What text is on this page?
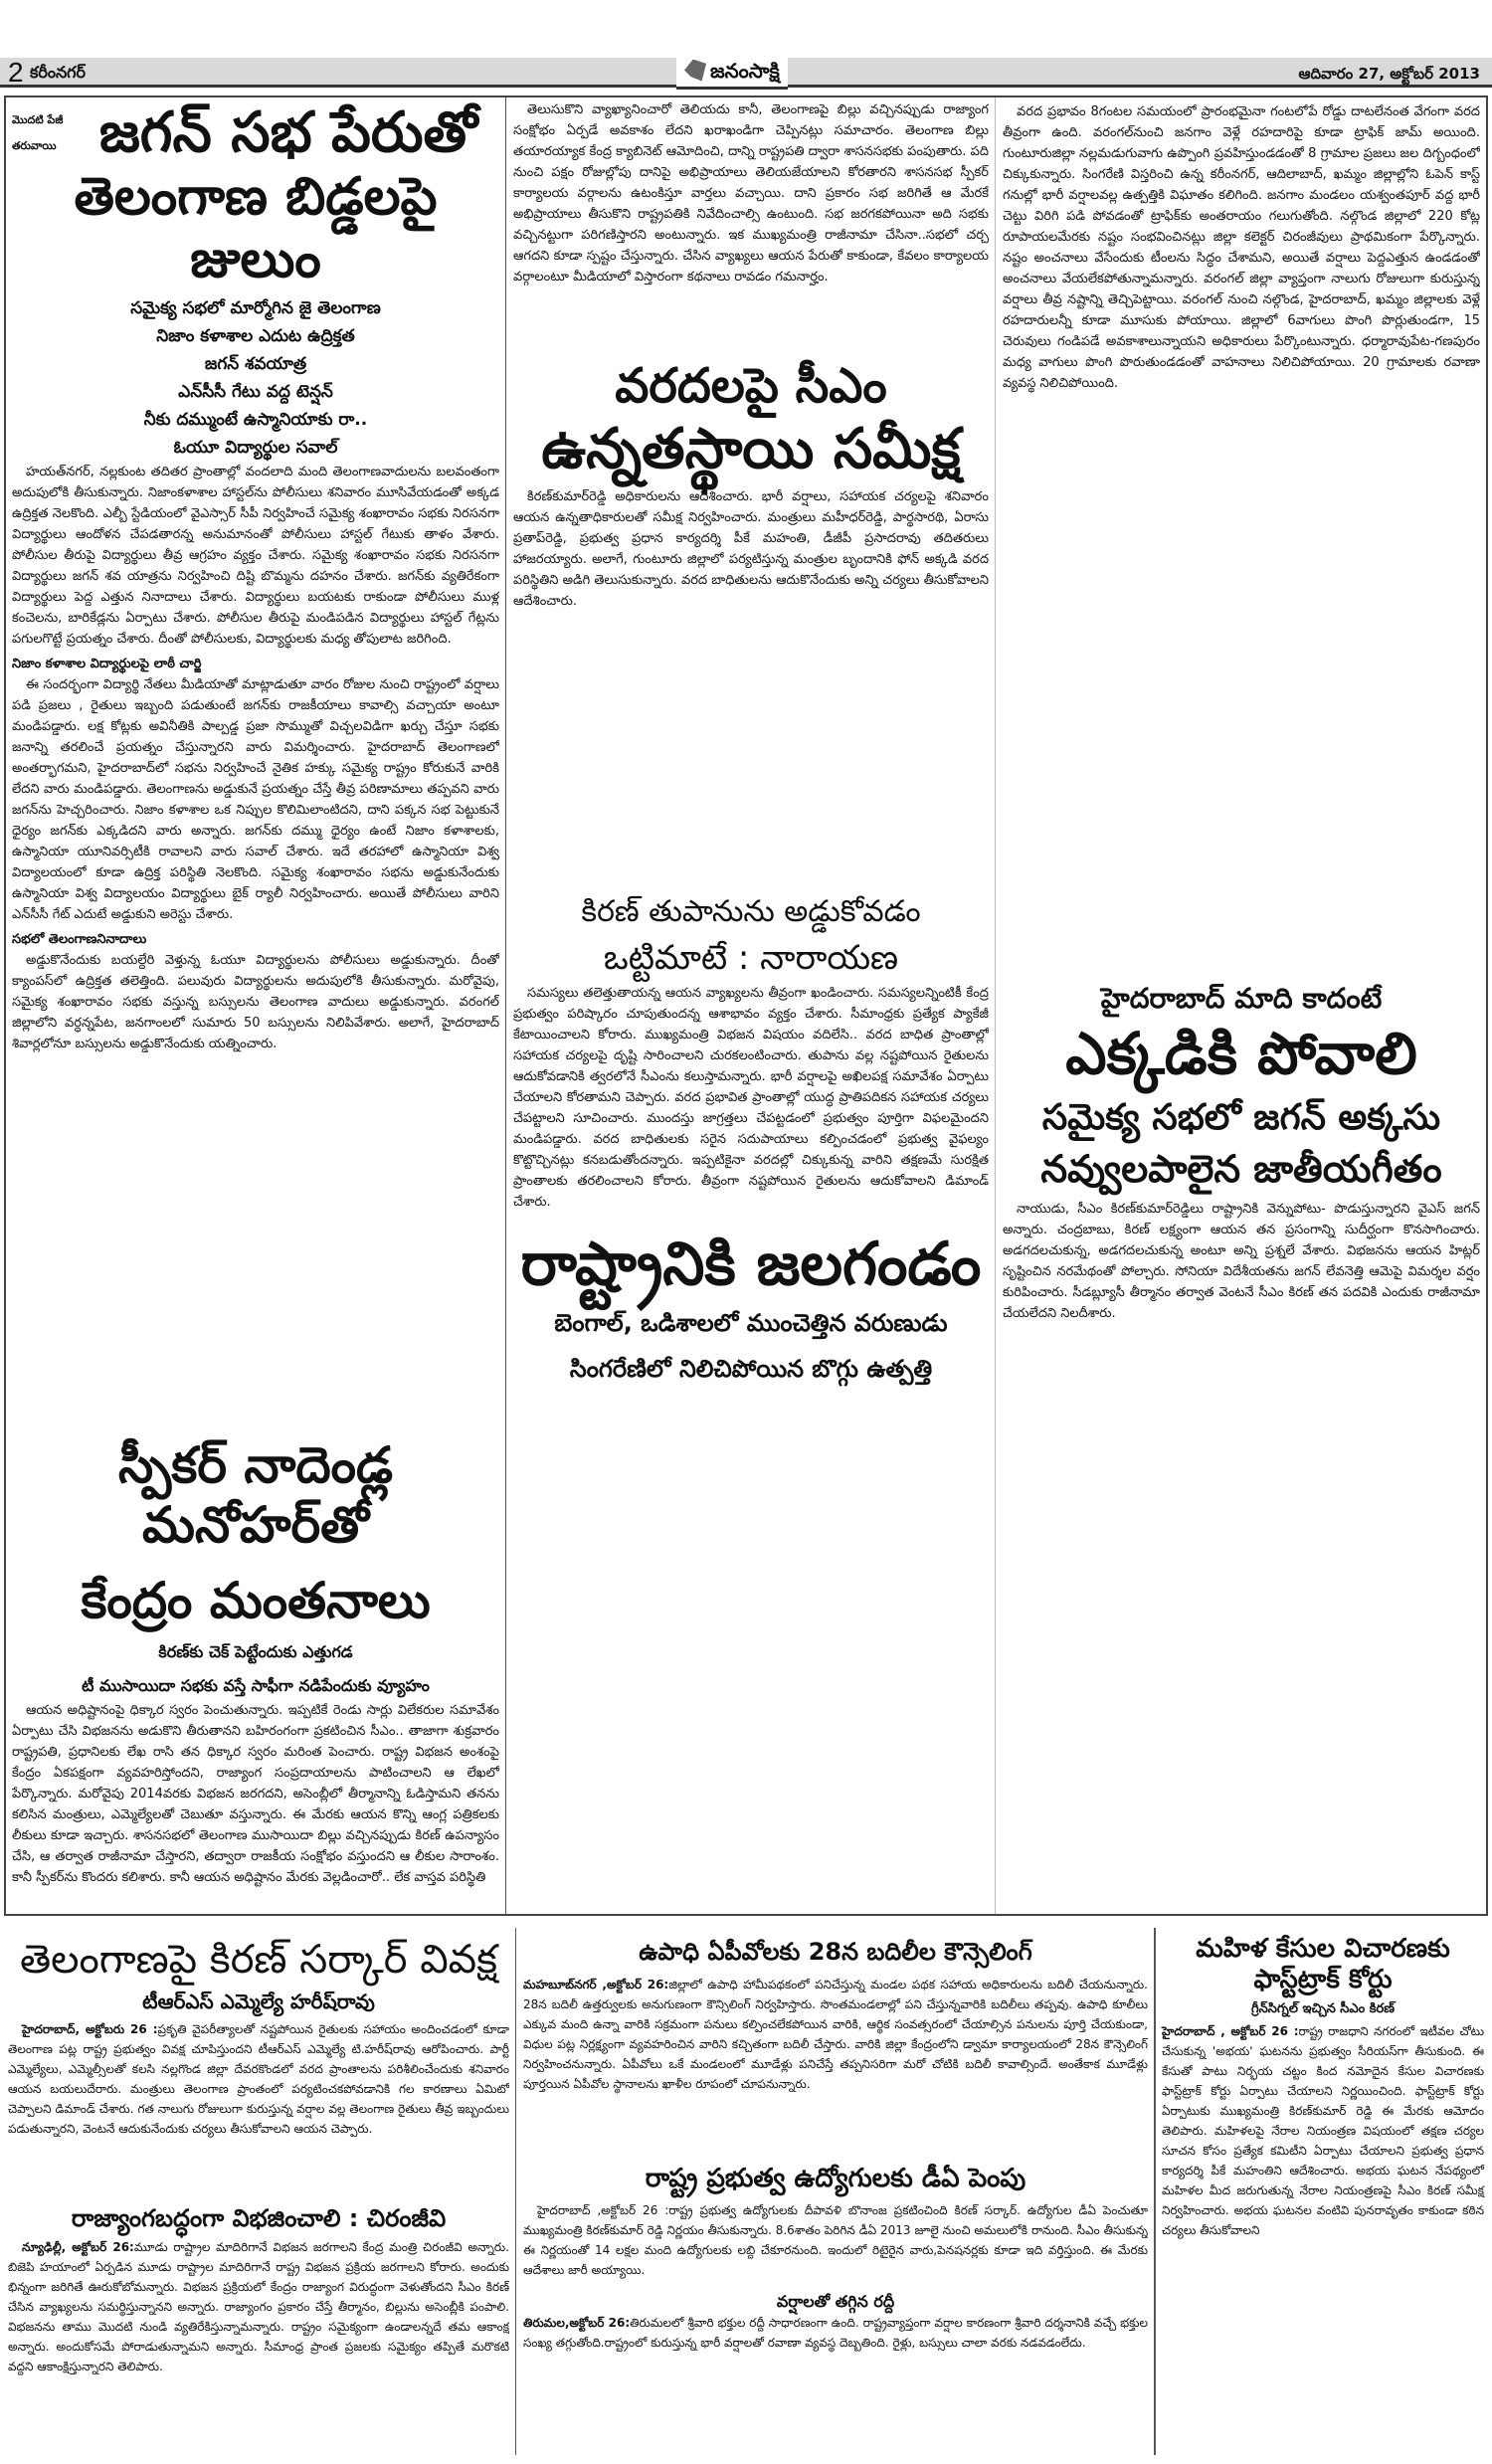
2 కరీంనగర్	జనంసాక్షి	ఆదివారం 27, అక్టోబర్ 2013
మొదటి పేజీ
తరువాయి జగన్ సభ పేరుతో
తెలంగాణ బిడ్డలపై జులుం
సమైక్య సభలో మార్మోగిన జై తెలంగాణ
నిజాం కళాశాల ఎదుట ఉద్రిక్తత
జగన్ శవయాత్ర
ఎన్‌సీసీ గేటు వద్ద టెన్షన్
నీకు దమ్ముంటే ఉస్మానియాకు రా..
ఓయూ విద్యార్థుల సవాల్

హయత్‌నగర్, నల్లకుంట తదితర ప్రాంతాల్లో వందలాది మంది తెలంగాణవాదులను బలవంతంగా అదుపులోకి తీసుకున్నారు. నిజాంకళాశాల హాస్టల్‌ను పోలీసులు శనివారం మూసివేయడంతో అక్కడ ఉద్రిక్తత నెలకొంది. ఎల్బీ స్టేడియంలో వైఎస్సార్ సీపీ నిర్వహించే సమైక్య శంఖారావం సభకు నిరసనగా విద్యార్థులు ఆందోళన చేపడతారన్న అనుమానంతో పోలీసులు హాస్టల్ గేటుకు తాళం వేశారు. పోలీసుల తీరుపై విద్యార్థులు తీవ్ర ఆగ్రహం వ్యక్తం చేశారు. సమైక్య శంఖారావం సభకు నిరసనగా విద్యార్థులు జగన్ శవ యాత్రను నిర్వహించి దిష్టి బొమ్మను దహనం చేశారు. జగన్‌కు వ్యతిరేకంగా విద్యార్థులు పెద్ద ఎత్తున నినాదాలు చేశారు. విద్యార్థులు బయటకు రాకుండా పోలీసులు ముళ్ల కంచెలను, బారికేడ్లను ఏర్పాటు చేశారు. పోలీసుల తీరుపై మండిపడిన విద్యార్థులు హాస్టల్ గేట్లను పగులగొట్టే ప్రయత్నం చేశారు. దీంతో పోలీసులకు, విద్యార్థులకు మధ్య తోపులాట జరిగింది.

నిజాం కళాశాల విద్యార్థులపై లాఠీ చార్జి

ఈ సందర్భంగా విద్యార్థి నేతలు మీడియాతో మాట్లాడుతూ వారం రోజుల నుంచి రాష్ట్రంలో వర్షాలు పడి ప్రజలు , రైతులు ఇబ్బంది పడుతుంటే జగన్‌కు రాజకీయాలు కావాల్సి వచ్చాయా అంటూ మండిపడ్డారు. లక్ష కోట్లకు అవినీతికి పాల్పడ్డ ప్రజా సొమ్ముతో విచ్చలవిడిగా ఖర్చు చేస్తూ సభకు జనాన్ని తరలించే ప్రయత్నం చేస్తున్నారని వారు విమర్శించారు. హైదరాబాద్ తెలంగాణలో అంతర్భాగమని, హైదరాబాద్‌లో సభను నిర్వహించే నైతిక హక్కు సమైక్య రాష్ట్రం కోరుకునే వారికి లేదని వారు మండిపడ్డారు. తెలంగాణను అడ్డుకునే ప్రయత్నం చేస్తే తీవ్ర పరిణామాలు తప్పవని వారు జగన్‌ను హెచ్చరించారు. నిజాం కళాశాల ఒక నిప్పుల కొలిమిలాంటిదని, దాని పక్కన సభ పెట్టుకునే ధైర్యం జగన్‌కు ఎక్కడిదని వారు అన్నారు. జగన్‌కు దమ్ము ధైర్యం ఉంటే నిజాం కళాశాలకు, ఉస్మానియా యూనివర్సిటీకి రావాలని వారు సవాల్ చేశారు. ఇదే తరహాలో ఉస్మానియా విశ్వ విద్యాలయంలో కూడా ఉద్రిక్త పరిస్థితి నెలకొంది. సమైక్య శంఖారావం సభను అడ్డుకునేందుకు ఉస్మానియా విశ్వ విద్యాలయం విద్యార్థులు బైక్ ర్యాలీ నిర్వహించారు. అయితే పోలీసులు వారిని ఎన్‌సీసీ గేట్ ఎదుటే అడ్డుకుని అరెస్టు చేశారు.

సభలో తెలంగాణనినాదాలు

అడ్డుకొనేందుకు బయల్దేరి వెళ్తున్న ఓయూ విద్యార్థులను పోలీసులు అడ్డుకున్నారు. దీంతో క్యాంపస్‌లో ఉద్రిక్తత తలెత్తింది. పలువురు విద్యార్థులను అదుపులోకి తీసుకున్నారు. మరోవైపు, సమైక్య శంఖారావం సభకు వస్తున్న బస్సులను తెలంగాణ వాదులు అడ్డుకున్నారు. వరంగల్ జిల్లాలోని వర్ధన్నపేట, జనగాంలలో సుమారు 50 బస్సులను నిలిపివేశారు. అలాగే, హైదరాబాద్ శివార్లలోనూ బస్సులను అడ్డుకొనేందుకు యత్నించారు.

స్పీకర్ నాదెండ్ల మనోహర్‌తో
కేంద్రం మంతనాలు
కిరణ్‌కు చెక్ పెట్టేందుకు ఎత్తుగడ
టీ ముసాయిదా సభకు వస్తే సాఫీగా నడిపేందుకు వ్యూహం

ఆయన అధిష్టానంపై ధిక్కార స్వరం పెంచుతున్నారు. ఇప్పటికే రెండు సార్లు విలేకరుల సమావేశం ఏర్పాటు చేసి విభజనను అడుకొని తీరుతానని బహిరంగంగా ప్రకటించిన సీఎం.. తాజాగా శుక్రవారం రాష్ట్రపతి, ప్రధానిలకు లేఖ రాసి తన ధిక్కార స్వరం మరింత పెంచారు. రాష్ట్ర విభజన అంశంపై కేంద్రం ఏకపక్షంగా వ్యవహరిస్తోందని, రాజ్యాంగ సంప్రదాయాలను పాటించాలని ఆ లేఖలో పేర్కొన్నారు. మరోవైపు 2014వరకు విభజన జరగదని, అసెంబ్లీలో తీర్మానాన్ని ఓడిస్తామని తనను కలిసిన మంత్రులు, ఎమ్మెల్యేలతో చెబుతూ వస్తున్నారు. ఈ మేరకు ఆయన కొన్ని ఆంగ్ల పత్రికలకు లీకులు కూడా ఇచ్చారు. శాసనసభలో తెలంగాణ ముసాయిదా బిల్లు వచ్చినప్పుడు కిరణ్ ఉపన్యాసం చేసి, ఆ తర్వాత రాజీనామా చేస్తారని, తద్వారా రాజకీయ సంక్షోభం వస్తుందని ఆ లీకుల సారాంశం. కానీ స్పీకర్‌ను కొందరు కలిశారు. కానీ ఆయన అధిష్టానం మేరకు వెల్లడించారో.. లేక వాస్తవ పరిస్థితి

తెలుసుకొని వ్యాఖ్యానించారో తెలియదు కానీ, తెలంగాణపై బిల్లు వచ్చినప్పుడు రాజ్యాంగ సంక్షోభం ఏర్పడే అవకాశం లేదని ఖరాఖండిగా చెప్పినట్లు సమాచారం. తెలంగాణ బిల్లు తయారయ్యాక కేంద్ర క్యాబినెట్ ఆమోదించి, దాన్ని రాష్ట్రపతి ద్వారా శాసనసభకు పంపుతారు. పది నుంచి పక్షం రోజుల్లోపు దానిపై అభిప్రాయాలు తెలియజేయాలని కోరతారని శాసనసభ స్పీకర్ కార్యాలయ వర్గాలను ఉటంకిస్తూ వార్తలు వచ్చాయి. దాని ప్రకారం సభ జరిగితే ఆ మేరకే అభిప్రాయాలు తీసుకొని రాష్ట్రపతికి నివేదించాల్సి ఉంటుంది. సభ జరగకపోయినా అది సభకు వచ్చినట్టుగా పరిగణిస్తారని అంటున్నారు. ఇక ముఖ్యమంత్రి రాజీనామా చేసినా..సభలో చర్చ ఆగదని కూడా స్పష్టం చేస్తున్నారు. చేసిన వ్యాఖ్యలు ఆయన పేరుతో కాకుండా, కేవలం కార్యాలయ వర్గాలంటూ మీడియాలో విస్తారంగా కథనాలు రావడం గమనార్హం.

వరదలపై సీఎం
ఉన్నతస్థాయి సమీక్ష

కిరణ్‌కుమార్‌రెడ్డి అధికారులను ఆదేశించారు. భారీ వర్షాలు, సహాయక చర్యలపై శనివారం ఆయన ఉన్నతాధికారులతో సమీక్ష నిర్వహించారు. మంత్రులు మహీధర్‌రెడ్డి, పార్థసారథి, ఏరాసు ప్రతాప్‌రెడ్డి, ప్రభుత్వ ప్రధాన కార్యదర్శి పీకే మహంతి, డీజీపీ ప్రసాదరావు తదితరులు హాజరయ్యారు. అలాగే, గుంటూరు జిల్లాలో పర్యటిస్తున్న మంత్రుల బృందానికి ఫోన్ అక్కడి వరద పరిస్థితిని అడిగి తెలుసుకున్నారు. వరద బాధితులను ఆదుకొనేందుకు అన్ని చర్యలు తీసుకోవాలని ఆదేశించారు.

కిరణ్ తుపానును అడ్డుకోవడం
ఒట్టిమాటే : నారాయణ

సమస్యలు తలెత్తుతాయన్న ఆయన వ్యాఖ్యలను తీవ్రంగా ఖండించారు. సమస్యలన్నింటికీ కేంద్ర ప్రభుత్వం పరిష్కారం చూపుతుందన్న ఆశాభావం వ్యక్తం చేశారు. సీమాంధ్రకు ప్రత్యేక ప్యాకేజీ కేటాయించాలని కోరారు. ముఖ్యమంత్రి విభజన విషయం వదిలేసి.. వరద బాధిత ప్రాంతాల్లో సహాయక చర్యలపై దృష్టి సారించాలని చురకలంటించారు. తుపాను వల్ల నష్టపోయిన రైతులను ఆదుకోవడానికి త్వరలోనే సీఎంను కలుస్తామన్నారు. భారీ వర్షాలపై అఖిలపక్ష సమావేశం ఏర్పాటు చేయాలని కోరతామని చెప్పారు. వరద ప్రభావిత ప్రాంతాల్లో యుద్ధ ప్రాతిపదికన సహాయక చర్యలు చేపట్టాలని సూచించారు. ముందస్తు జాగ్రత్తలు చేపట్టడంలో ప్రభుత్వం పూర్తిగా విఫలమైందని మండిపడ్డారు. వరద బాధితులకు సరైన సదుపాయాలు కల్పించడంలో ప్రభుత్వ వైఫల్యం కొట్టొచ్చినట్లు కనబడుతోందన్నారు. ఇప్పటికైనా వరదల్లో చిక్కుకున్న వారిని తక్షణమే సురక్షిత ప్రాంతాలకు తరలించాలని కోరారు. తీవ్రంగా నష్టపోయిన రైతులను ఆదుకోవాలని డిమాండ్ చేశారు.

రాష్ట్రానికి జలగండం
బెంగాల్, ఒడిశాలలో ముంచెత్తిన వరుణుడు
సింగరేణిలో నిలిచిపోయిన బొగ్గు ఉత్పత్తి

వరద ప్రభావం 8గంటల సమయంలో ప్రారంభమైనా గంటలోపే రోడ్డు దాటలేనంత వేగంగా వరద తీవ్రంగా ఉంది. వరంగల్‌నుంచి జనగాం వెళ్లే రహదారిపై కూడా ట్రాఫిక్ జామ్ అయింది. గుంటూరుజిల్లా నల్లమడుగువాగు ఉప్పొంగి ప్రవహిస్తుండడంతో 8 గ్రామాల ప్రజలు జల దిగ్బంధంలో చిక్కుకున్నారు. సింగరేణి విస్తరించి ఉన్న కరీంనగర్, ఆదిలాబాద్, ఖమ్మం జిల్లాల్లోని ఓపెన్ కాస్ట్ గనుల్లో భారీ వర్షాలవల్ల ఉత్పత్తికి విఘాతం కలిగింది. జనగాం మండలం యశ్వంతపూర్ వద్ద భారీ చెట్టు విరిగి పడి పోవడంతో ట్రాఫిక్‌కు అంతరాయం గలుగుతోంది. నల్గొండ జిల్లాలో 220 కోట్ల రూపాయలమేరకు నష్టం సంభవించినట్లు జిల్లా కలెక్టర్ చిరంజీవులు ప్రాథమికంగా పేర్కొన్నారు. నష్టం అంచనాలు వేసేందుకు టీంలను సిద్ధం చేశామని, అయితే వర్షాలు పెద్దఎత్తున ఉండడంతో అంచనాలు వేయలేకపోతున్నామన్నారు. వరంగల్ జిల్లా వ్యాప్తంగా నాలుగు రోజులుగా కురుస్తున్న వర్షాలు తీవ్ర నష్టాన్ని తెచ్చిపెట్టాయి. వరంగల్ నుంచి నల్గొండ, హైదరాబాద్, ఖమ్మం జిల్లాలకు వెళ్లే రహదారులన్నీ కూడా మూసుకు పోయాయి. జిల్లాలో 6వాగులు పొంగి పొర్లుతుండగా, 15 చెరువులు గండిపడే అవకాశాలున్నాయని అధికారులు పేర్కొంటున్నారు. ధర్మారావుపేట-గణపురం మధ్య వాగులు పొంగి పొరుతుండడంతో వాహనాలు నిలిచిపోయాయి. 20 గ్రామాలకు రవాణా వ్యవస్థ నిలిచిపోయింది.

హైదరాబాద్ మాది కాదంటే
ఎక్కడికి పోవాలి
సమైక్య సభలో జగన్ అక్కసు
నవ్వులపాలైన జాతీయగీతం

నాయుడు, సీఎం కిరణ్‌కుమార్‌రెడ్డిలు రాష్ట్రానికి వెన్నుపోటు- పొడుస్తున్నారని వైఎస్ జగన్ అన్నారు. చంద్రబాబు, కిరణ్ లక్ష్యంగా ఆయన తన ప్రసంగాన్ని సుదీర్ఘంగా కొనసాగించారు. అడగదలచుకున్న, అడగదలచుకున్న అంటూ అన్ని ప్రశ్నలే వేశారు. విభజనను ఆయన హిట్లర్ సృష్టించిన నరమేథంతో పోల్చారు. సోనియా విదేశీయతను జగన్ లేవనెత్తి ఆమెపై విమర్శల వర్షం కురిపించారు. సీడబ్ల్యూసీ తీర్మానం తర్వాత వెంటనే సీఎం కిరణ్ తన పదవికి ఎందుకు రాజీనామా చేయలేదని నిలదీశారు.

తెలంగాణపై కిరణ్ సర్కార్ వివక్ష
టీఆర్‌ఎస్ ఎమ్మెల్యే హరీష్‌రావు

హైదరాబాద్, అక్టోబరు 26 :ప్రకృతి వైపరీత్యాలతో నష్టపోయిన రైతులకు సహాయం అందించడంలో కూడా తెలంగాణ పట్ల రాష్ట్ర ప్రభుత్వం వివక్ష చూపిస్తుందని టీఆర్‌ఎస్ ఎమ్మెల్యే టి.హరీష్‌రావు ఆరోపించారు. పార్టీ ఎమ్మెల్యేలు, ఎమ్మెల్సీలతో కలసి నల్లగొండ జిల్లా దేవరకొండలో వరద ప్రాంతాలను పరిశీలించేందుకు శనివారం ఆయన బయలుదేరారు. మంత్రులు తెలంగాణ ప్రాంతంలో పర్యటించకపోవడానికి గల కారణాలు ఏమిటో చెప్పాలని డిమాండ్ చేశారు. గత నాలుగు రోజులుగా కురుస్తున్న వర్షాల వల్ల తెలంగాణ రైతులు తీవ్ర ఇబ్బందులు పడుతున్నారని, వెంటనే ఆదుకునేందుకు చర్యలు తీసుకోవాలని ఆయన చెప్పారు.

రాజ్యాంగబద్ధంగా విభజించాలి : చిరంజీవి

న్యూఢిల్లీ, అక్టోబర్ 26:మూడు రాష్ట్రాల మాదిరిగానే విభజన జరగాలని కేంద్ర మంత్రి చిరంజీవి అన్నారు. బిజెపి హయాంలో ఏర్పడిన మూడు రాష్ట్రాల మాదిరిగానే రాష్ట్ర విభజన ప్రక్రియ జరగాలని కోరారు. అందుకు భిన్నంగా జరిగితే ఊరుకోబోమన్నారు. విభజన ప్రక్రియలో కేంద్రం రాజ్యాంగ విరుద్ధంగా వెళుతోందని సీఎం కిరణ్ చేసిన వ్యాఖ్యలను సమర్థిస్తున్నానని అన్నారు. రాజ్యాంగం ప్రకారం చేస్తే తీర్మానం, బిల్లును అసెంబ్లీకి పంపాలి. విభజనను తాము మొదటి నుండి వ్యతిరేకిస్తున్నామన్నారు. రాష్ట్రం సమైక్యంగా ఉండాలన్నదే తమ ఆకాంక్ష అన్నారు. అందుకోసమే పోరాడుతున్నామని అన్నారు. సీమాంధ్ర ప్రాంత ప్రజలకు సమైక్యం తప్పితే మరొకటి వద్దని ఆకాంక్షిస్తున్నారని తెలిపారు.

ఉపాధి ఏపీవోలకు 28న బదిలీల కౌన్సెలింగ్

మహబూబ్‌నగర్ ,అక్టోబర్ 26:జిల్లాలో ఉపాధి హామీపథకంలో పనిచేస్తున్న మండల పథక సహాయ అధికారులను బదిలీ చేయనున్నారు. 28న బదిలీ ఉత్తర్వులకు అనుగుణంగా కౌన్సిలింగ్ నిర్వహిస్తారు. సొంతమండలాల్లో పని చేస్తున్నవారికి బదిలీలు తప్పవు. ఉపాధి కూలీలు ఎక్కువ మంది ఉన్నా వారికి సక్రమంగా పనులు కల్పించలేకపోయిన వారికి, ఆర్థిక సంవత్సరంలో చేయాల్సిన పనులను పూర్తి చేయకుండా, విధుల పట్ల నిర్లక్ష్యంగా వ్యవహరించిన వారిని కచ్చితంగా బదిలీ చేస్తారు. వారికి జిల్లా కేంద్రంలోని డ్వామా కార్యాలయంలో 28న కౌన్సెలింగ్ నిర్వహించనున్నారు. ఏపీవోలు ఒకే మండలంలో మూడేళ్లు పనిచేస్తే తప్పనిసరిగా మరో చోటికి బదిలీ కావాల్సిందే. అంతేకాక మూడేళ్లు పూర్తయిన ఏపీవోల స్థానాలను ఖాళీల రూపంలో చూపనున్నారు.

రాష్ట్ర ప్రభుత్వ ఉద్యోగులకు డీఏ పెంపు

హైదరాబాద్ ,అక్టోబర్ 26 :రాష్ట్ర ప్రభుత్వ ఉద్యోగులకు దీపావళి బొనాంజ ప్రకటించింది కిరణ్ సర్కార్. ఉద్యోగుల డీఏ పెంచుతూ ముఖ్యమంత్రి కిరణ్‌కుమార్ రెడ్డి నిర్ణయం తీసుకున్నారు. 8.6శాతం పెరిగిన డీఏ 2013 జూలై నుంచి అమలులోకి రానుంది. సీఎం తీసుకున్న ఈ నిర్ణయంతో 14 లక్షల మంది ఉద్యోగులకు లబ్ది చేకూరనుంది. ఇందులో రిటైరైన వారు,పెనషనర్లకు కూడా ఇది వర్తిస్తుంది. ఈ మేరకు ఆదేశాలు జారీ అయ్యాయి.

వర్షాలతో తగ్గిన రద్దీ

తిరుమల,అక్టోబర్ 26:తిరుమలలో శ్రీవారి భక్తుల రద్దీ సాధారణంగా ఉంది. రాష్ట్రవ్యాప్తంగా వర్షాల కారణంగా శ్రీవారి దర్శనానికి వచ్చే భక్తుల సంఖ్య తగ్గుతోంది.రాష్ట్రంలో కురుస్తున్న భారీ వర్షాలతో రవాణా వ్యవస్థ దెబ్బతింది. రైళ్లు, బస్సులు చాలా వరకు నడవడంలేదు.

మహిళ కేసుల విచారణకు
ఫాస్ట్‌ట్రాక్ కోర్టు
గ్రీన్‌సిగ్నల్ ఇచ్చిన సీఎం కిరణ్

హైదరాబాద్ , అక్టోబర్ 26 :రాష్ట్ర రాజధాని నగరంలో ఇటీవల చోటు చేసుకున్న 'అభయ' ఘటనను ప్రభుత్వం సీరియస్‌గా తీసుకుంది. ఈ కేసుతో పాటు నిర్భయ చట్టం కింద నమోదైన కేసుల విచారణకు ఫాస్ట్‌ట్రాక్ కోర్టు ఏర్పాటు చేయాలని నిర్ణయించింది. ఫాస్ట్‌ట్రాక్ కోర్టు ఏర్పాటుకు ముఖ్యమంత్రి కిరణ్‌కుమార్ రెడ్డి ఈ మేరకు ఆమోదం తెలిపారు. మహిళలపై నేరాల నియంత్రణ విషయంలో తక్షణ చర్యల సూచన కోసం ప్రత్యేక కమిటీని ఏర్పాటు చేయాలని ప్రభుత్వ ప్రధాన కార్యదర్శి పీకే మహంతిని ఆదేశించారు. అభయ ఘటన నేపథ్యంలో మహిళల మీద జరుగుతున్న నేరాల నియంత్రణపై సీఎం కిరణ్ సమీక్ష నిర్వహించారు. అభయ ఘటనల వంటివి పునరావృతం కాకుండా కఠిన చర్యలు తీసుకోవాలని
